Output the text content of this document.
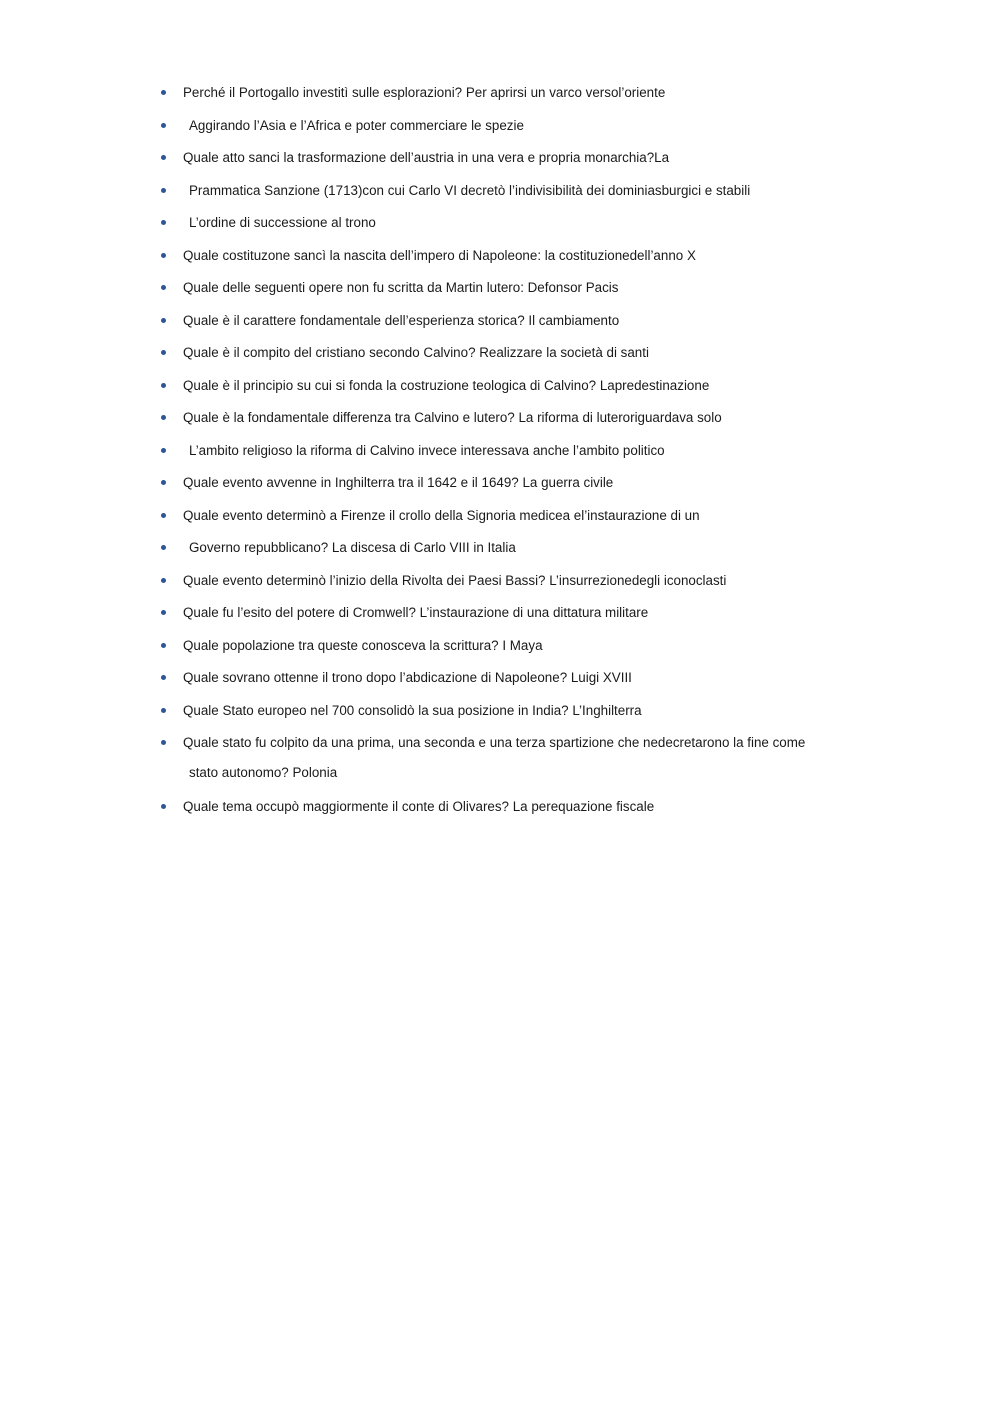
Perché il Portogallo investitì sulle esplorazioni? Per aprirsi un varco versol’oriente
Aggirando l’Asia e l’Africa e poter commerciare le spezie
Quale atto sanci la trasformazione dell’austria in una vera e propria monarchia?La
Prammatica Sanzione (1713)con cui Carlo VI decretò l’indivisibilità dei dominiasburgici e stabili
L’ordine di successione al trono
Quale costituzone sancì la nascita dell’impero di Napoleone: la costituzionedell’anno X
Quale delle seguenti opere non fu scritta da Martin lutero: Defonsor Pacis
Quale è il carattere fondamentale dell’esperienza storica? Il cambiamento
Quale è il compito del cristiano secondo Calvino? Realizzare la società di santi
Quale è il principio su cui si fonda la costruzione teologica di Calvino? Lapredestinazione
Quale è la fondamentale differenza tra Calvino e lutero? La riforma di luteroriguardava solo
L’ambito religioso la riforma di Calvino invece interessava anche l’ambito politico
Quale evento avvenne in Inghilterra tra il 1642 e il 1649? La guerra civile
Quale evento determinò a Firenze il crollo della Signoria medicea el’instaurazione di un
Governo repubblicano? La discesa di Carlo VIII in Italia
Quale evento determinò l’inizio della Rivolta dei Paesi Bassi? L’insurrezionedegli iconoclasti
Quale fu l’esito del potere di Cromwell? L’instaurazione di una dittatura militare
Quale popolazione tra queste conosceva la scrittura? I Maya
Quale sovrano ottenne il trono dopo l’abdicazione di Napoleone? Luigi XVIII
Quale Stato europeo nel 700 consolidò la sua posizione in India? L’Inghilterra
Quale stato fu colpito da una prima, una seconda e una terza spartizione che nedecretarono la fine come
stato autonomo? Polonia
Quale tema occupò maggiormente il conte di Olivares? La perequazione fiscale
